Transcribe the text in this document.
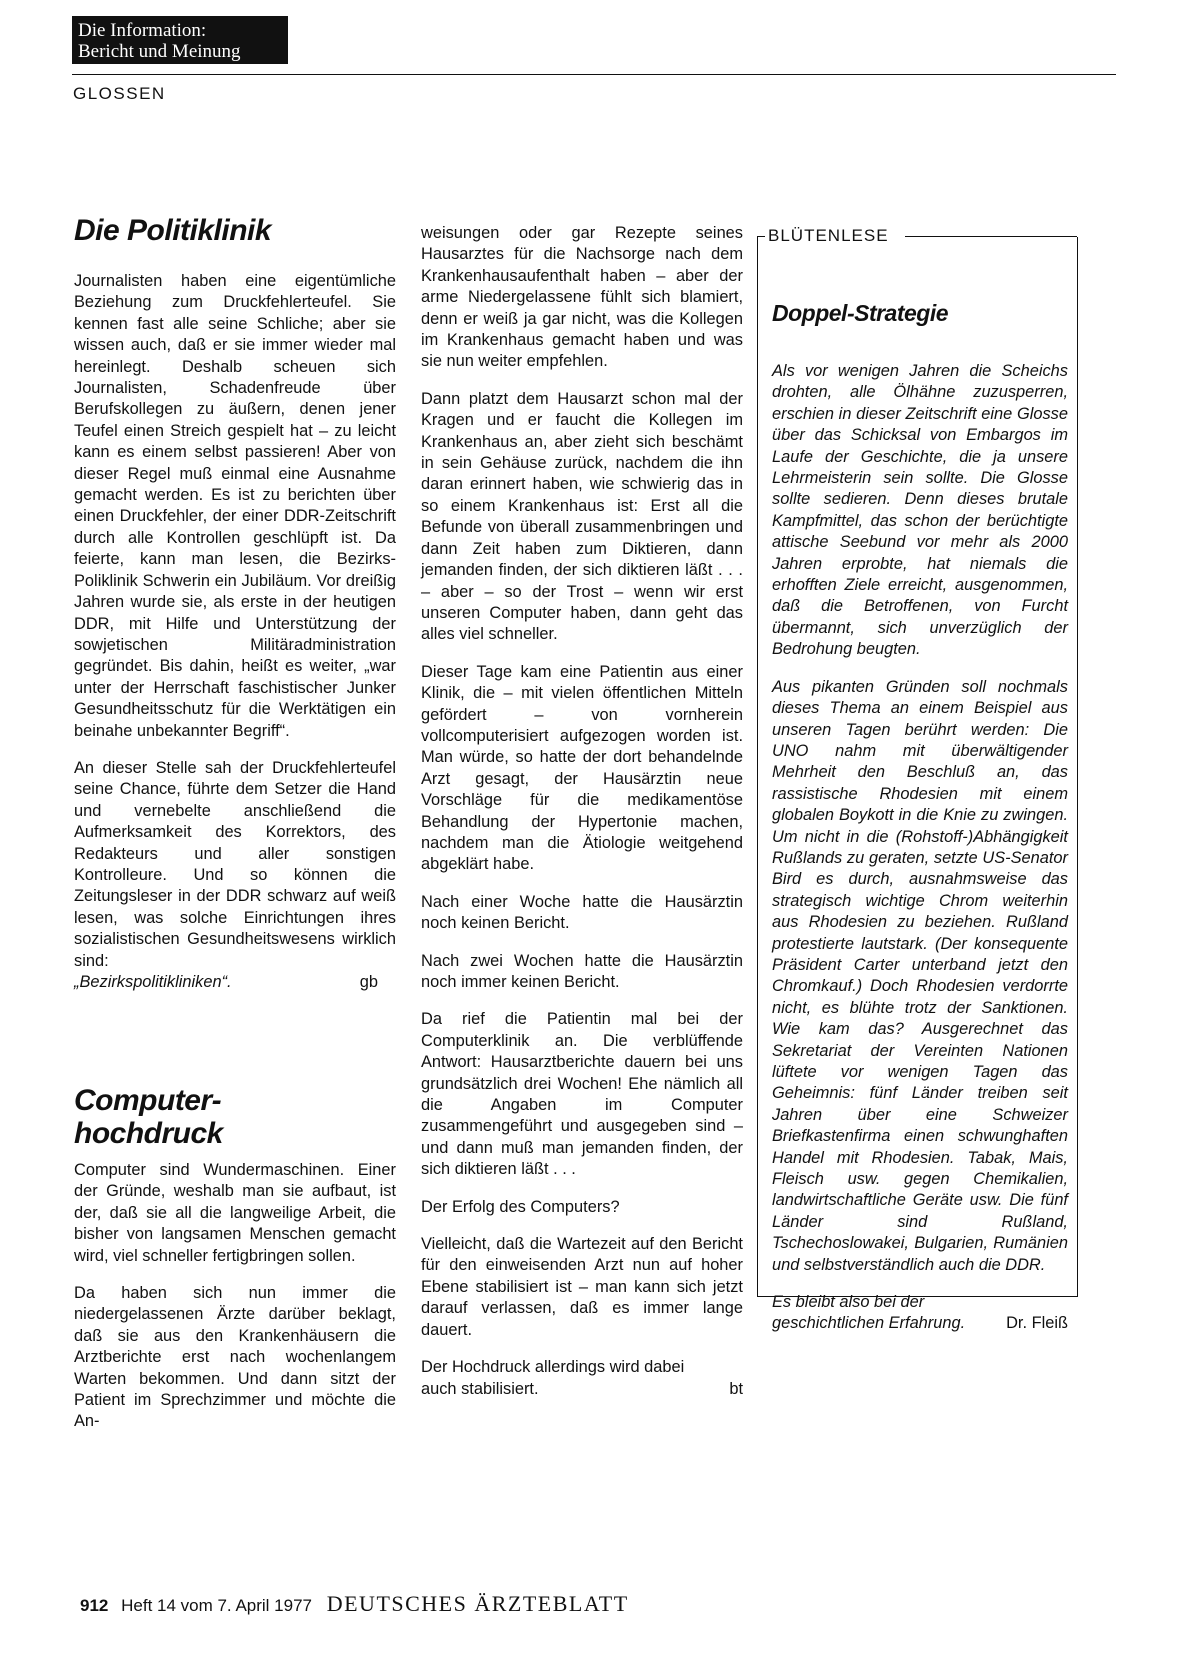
Die Information:
Bericht und Meinung
GLOSSEN
Die Politiklinik

Journalisten haben eine eigentümliche Beziehung zum Druckfehlerteufel. Sie kennen fast alle seine Schliche; aber sie wissen auch, daß er sie immer wieder mal hereinlegt. Deshalb scheuen sich Journalisten, Schadenfreude über Berufskollegen zu äußern, denen jener Teufel einen Streich gespielt hat – zu leicht kann es einem selbst passieren! Aber von dieser Regel muß einmal eine Ausnahme gemacht werden. Es ist zu berichten über einen Druckfehler, der einer DDR-Zeitschrift durch alle Kontrollen geschlüpft ist. Da feierte, kann man lesen, die Bezirks-Poliklinik Schwerin ein Jubiläum. Vor dreißig Jahren wurde sie, als erste in der heutigen DDR, mit Hilfe und Unterstützung der sowjetischen Militäradministration gegründet. Bis dahin, heißt es weiter, „war unter der Herrschaft faschistischer Junker Gesundheitsschutz für die Werktätigen ein beinahe unbekannter Begriff“.

An dieser Stelle sah der Druckfehlerteufel seine Chance, führte dem Setzer die Hand und vernebelte anschließend die Aufmerksamkeit des Korrektors, des Redakteurs und aller sonstigen Kontrolleure. Und so können die Zeitungsleser in der DDR schwarz auf weiß lesen, was solche Einrichtungen ihres sozialistischen Gesundheitswesens wirklich sind:

„Bezirkspolitikliniken“.	gb
Computer-
hochdruck

Computer sind Wundermaschinen. Einer der Gründe, weshalb man sie aufbaut, ist der, daß sie all die langweilige Arbeit, die bisher von langsamen Menschen gemacht wird, viel schneller fertigbringen sollen.

Da haben sich nun immer die niedergelassenen Ärzte darüber beklagt, daß sie aus den Krankenhäusern die Arztberichte erst nach wochenlangem Warten bekommen. Und dann sitzt der Patient im Sprechzimmer und möchte die An-

weisungen oder gar Rezepte seines Hausarztes für die Nachsorge nach dem Krankenhausaufenthalt haben – aber der arme Niedergelassene fühlt sich blamiert, denn er weiß ja gar nicht, was die Kollegen im Krankenhaus gemacht haben und was sie nun weiter empfehlen.

Dann platzt dem Hausarzt schon mal der Kragen und er faucht die Kollegen im Krankenhaus an, aber zieht sich beschämt in sein Gehäuse zurück, nachdem die ihn daran erinnert haben, wie schwierig das in so einem Krankenhaus ist: Erst all die Befunde von überall zusammenbringen und dann Zeit haben zum Diktieren, dann jemanden finden, der sich diktieren läßt . . . – aber – so der Trost – wenn wir erst unseren Computer haben, dann geht das alles viel schneller.

Dieser Tage kam eine Patientin aus einer Klinik, die – mit vielen öffentlichen Mitteln gefördert – von vornherein vollcomputerisiert aufgezogen worden ist. Man würde, so hatte der dort behandelnde Arzt gesagt, der Hausärztin neue Vorschläge für die medikamentöse Behandlung der Hypertonie machen, nachdem man die Ätiologie weitgehend abgeklärt habe.

Nach einer Woche hatte die Hausärztin noch keinen Bericht.

Nach zwei Wochen hatte die Hausärztin noch immer keinen Bericht.

Da rief die Patientin mal bei der Computerklinik an. Die verblüffende Antwort: Hausarztberichte dauern bei uns grundsätzlich drei Wochen! Ehe nämlich all die Angaben im Computer zusammengeführt und ausgegeben sind – und dann muß man jemanden finden, der sich diktieren läßt . . .

Der Erfolg des Computers?

Vielleicht, daß die Wartezeit auf den Bericht für den einweisenden Arzt nun auf hoher Ebene stabilisiert ist – man kann sich jetzt darauf verlassen, daß es immer lange dauert.

Der Hochdruck allerdings wird dabei auch stabilisiert.	bt
BLÜTENLESE
Doppel-Strategie

Als vor wenigen Jahren die Scheichs drohten, alle Ölhähne zuzusperren, erschien in dieser Zeitschrift eine Glosse über das Schicksal von Embargos im Laufe der Geschichte, die ja unsere Lehrmeisterin sein sollte. Die Glosse sollte sedieren. Denn dieses brutale Kampfmittel, das schon der berüchtigte attische Seebund vor mehr als 2000 Jahren erprobte, hat niemals die erhofften Ziele erreicht, ausgenommen, daß die Betroffenen, von Furcht übermannt, sich unverzüglich der Bedrohung beugten.

Aus pikanten Gründen soll nochmals dieses Thema an einem Beispiel aus unseren Tagen berührt werden: Die UNO nahm mit überwältigender Mehrheit den Beschluß an, das rassistische Rhodesien mit einem globalen Boykott in die Knie zu zwingen. Um nicht in die (Rohstoff-)Abhängigkeit Rußlands zu geraten, setzte US-Senator Bird es durch, ausnahmsweise das strategisch wichtige Chrom weiterhin aus Rhodesien zu beziehen. Rußland protestierte lautstark. (Der konsequente Präsident Carter unterband jetzt den Chromkauf.) Doch Rhodesien verdorrte nicht, es blühte trotz der Sanktionen. Wie kam das? Ausgerechnet das Sekretariat der Vereinten Nationen lüftete vor wenigen Tagen das Geheimnis: fünf Länder treiben seit Jahren über eine Schweizer Briefkastenfirma einen schwunghaften Handel mit Rhodesien. Tabak, Mais, Fleisch usw. gegen Chemikalien, landwirtschaftliche Geräte usw. Die fünf Länder sind Rußland, Tschechoslowakei, Bulgarien, Rumänien und selbstverständlich auch die DDR.

Es bleibt also bei der geschichtlichen Erfahrung.	Dr. Fleiß
912 Heft 14 vom 7. April 1977 DEUTSCHES ÄRZTEBLATT
